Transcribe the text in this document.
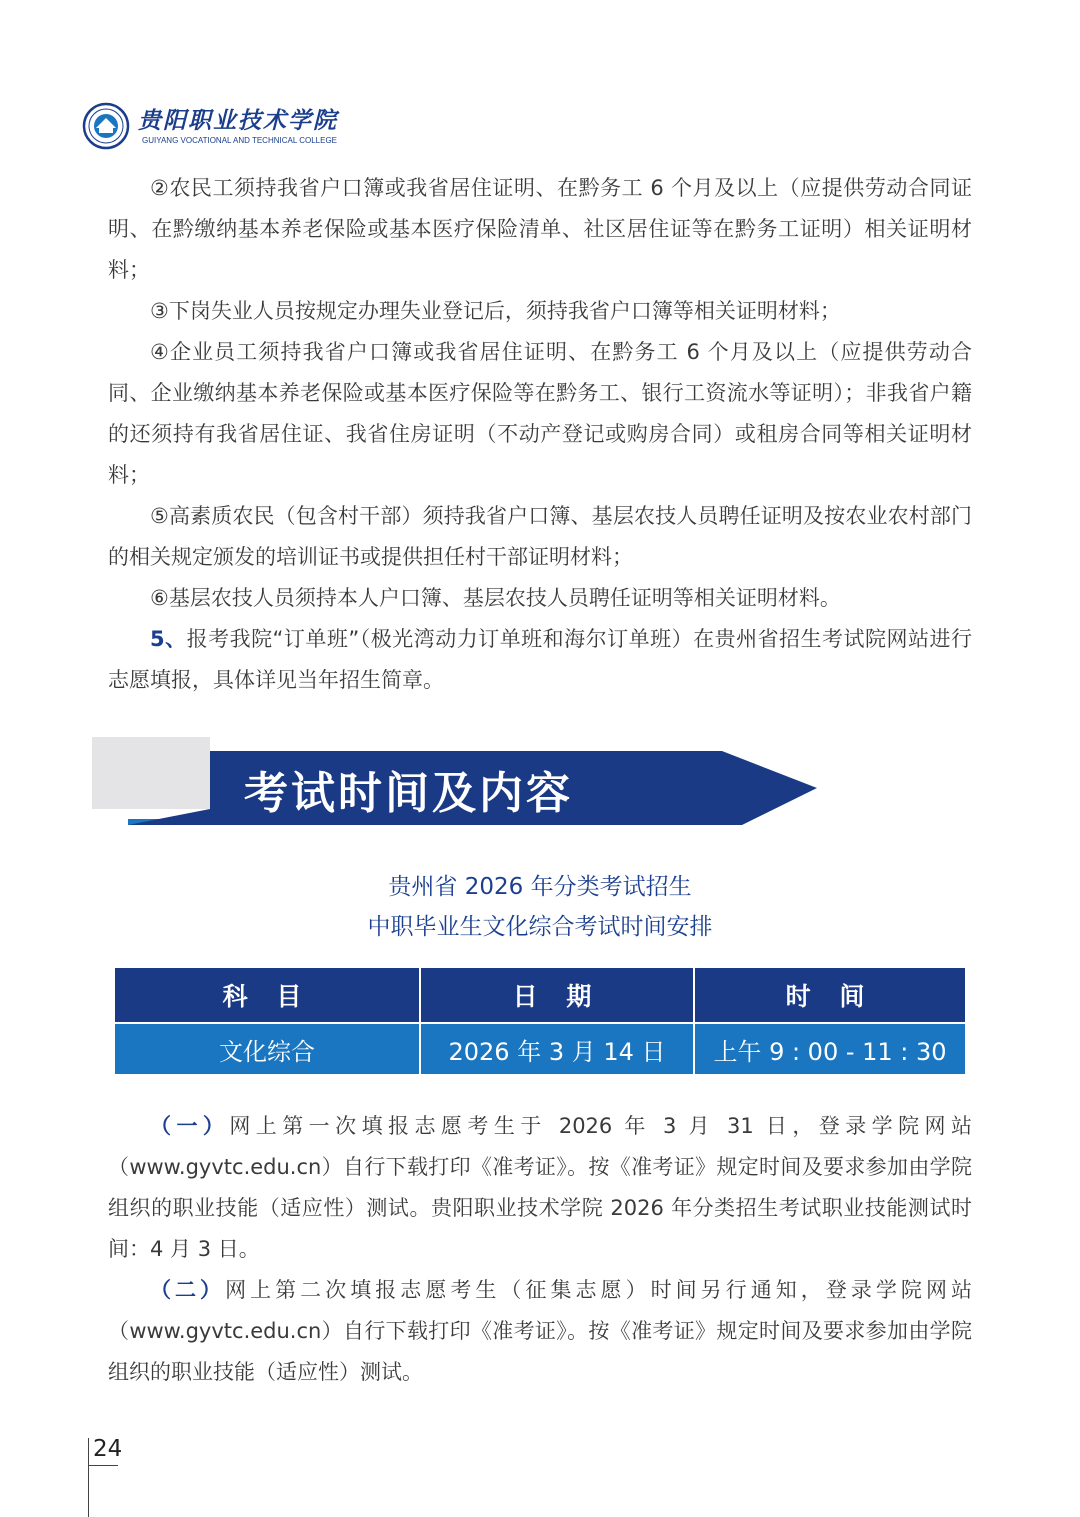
贵阳职业技术学院
GUIYANG VOCATIONAL AND TECHNICAL COLLEGE

②农民工须持我省户口簿或我省居住证明、在黔务工 6 个月及以上（应提供劳动合同证明、在黔缴纳基本养老保险或基本医疗保险清单、社区居住证等在黔务工证明）相关证明材料；

③下岗失业人员按规定办理失业登记后，须持我省户口簿等相关证明材料；

④企业员工须持我省户口簿或我省居住证明、在黔务工 6 个月及以上（应提供劳动合同、企业缴纳基本养老保险或基本医疗保险等在黔务工、银行工资流水等证明）；非我省户籍的还须持有我省居住证、我省住房证明（不动产登记或购房合同）或租房合同等相关证明材料；

⑤高素质农民（包含村干部）须持我省户口簿、基层农技人员聘任证明及按农业农村部门的相关规定颁发的培训证书或提供担任村干部证明材料；

⑥基层农技人员须持本人户口簿、基层农技人员聘任证明等相关证明材料。

5、报考我院“订单班”（极光湾动力订单班和海尔订单班）在贵州省招生考试院网站进行志愿填报，具体详见当年招生简章。

考试时间及内容
贵州省 2026 年分类考试招生
中职毕业生文化综合考试时间安排
科 目	日 期	时 间
文化综合	2026 年 3 月 14 日	上午 9 : 00 - 11 : 30

（一）网上第一次填报志愿考生于 2026 年 3 月 31 日，登录学院网站（www.gyvtc.edu.cn）自行下载打印《准考证》。按《准考证》规定时间及要求参加由学院组织的职业技能（适应性）测试。贵阳职业技术学院 2026 年分类招生考试职业技能测试时间：4 月 3 日。

（二）网上第二次填报志愿考生（征集志愿）时间另行通知，登录学院网站（www.gyvtc.edu.cn）自行下载打印《准考证》。按《准考证》规定时间及要求参加由学院组织的职业技能（适应性）测试。

24
